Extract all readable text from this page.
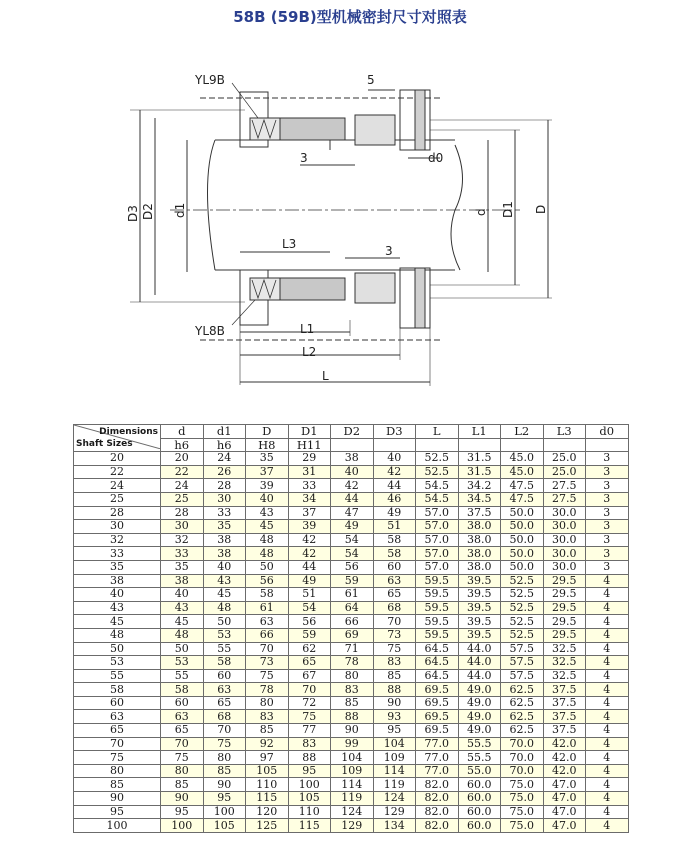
58B (59B)型机械密封尺寸对照表
YL9B
YL8B
5
3	d0
3
L3
L1
L2
L
D3 D2 d1	d D1 D
Dimensions
Shaft Sizes	d	d1	D	D1	D2	D3	L	L1	L2	L3	d0
	h6	h6	H8	H11							
20	20	24	35	29	38	40	52.5	31.5	45.0	25.0	3
22	22	26	37	31	40	42	52.5	31.5	45.0	25.0	3
24	24	28	39	33	42	44	54.5	34.2	47.5	27.5	3
25	25	30	40	34	44	46	54.5	34.5	47.5	27.5	3
28	28	33	43	37	47	49	57.0	37.5	50.0	30.0	3
30	30	35	45	39	49	51	57.0	38.0	50.0	30.0	3
32	32	38	48	42	54	58	57.0	38.0	50.0	30.0	3
33	33	38	48	42	54	58	57.0	38.0	50.0	30.0	3
35	35	40	50	44	56	60	57.0	38.0	50.0	30.0	3
38	38	43	56	49	59	63	59.5	39.5	52.5	29.5	4
40	40	45	58	51	61	65	59.5	39.5	52.5	29.5	4
43	43	48	61	54	64	68	59.5	39.5	52.5	29.5	4
45	45	50	63	56	66	70	59.5	39.5	52.5	29.5	4
48	48	53	66	59	69	73	59.5	39.5	52.5	29.5	4
50	50	55	70	62	71	75	64.5	44.0	57.5	32.5	4
53	53	58	73	65	78	83	64.5	44.0	57.5	32.5	4
55	55	60	75	67	80	85	64.5	44.0	57.5	32.5	4
58	58	63	78	70	83	88	69.5	49.0	62.5	37.5	4
60	60	65	80	72	85	90	69.5	49.0	62.5	37.5	4
63	63	68	83	75	88	93	69.5	49.0	62.5	37.5	4
65	65	70	85	77	90	95	69.5	49.0	62.5	37.5	4
70	70	75	92	83	99	104	77.0	55.5	70.0	42.0	4
75	75	80	97	88	104	109	77.0	55.5	70.0	42.0	4
80	80	85	105	95	109	114	77.0	55.0	70.0	42.0	4
85	85	90	110	100	114	119	82.0	60.0	75.0	47.0	4
90	90	95	115	105	119	124	82.0	60.0	75.0	47.0	4
95	95	100	120	110	124	129	82.0	60.0	75.0	47.0	4
100	100	105	125	115	129	134	82.0	60.0	75.0	47.0	4
